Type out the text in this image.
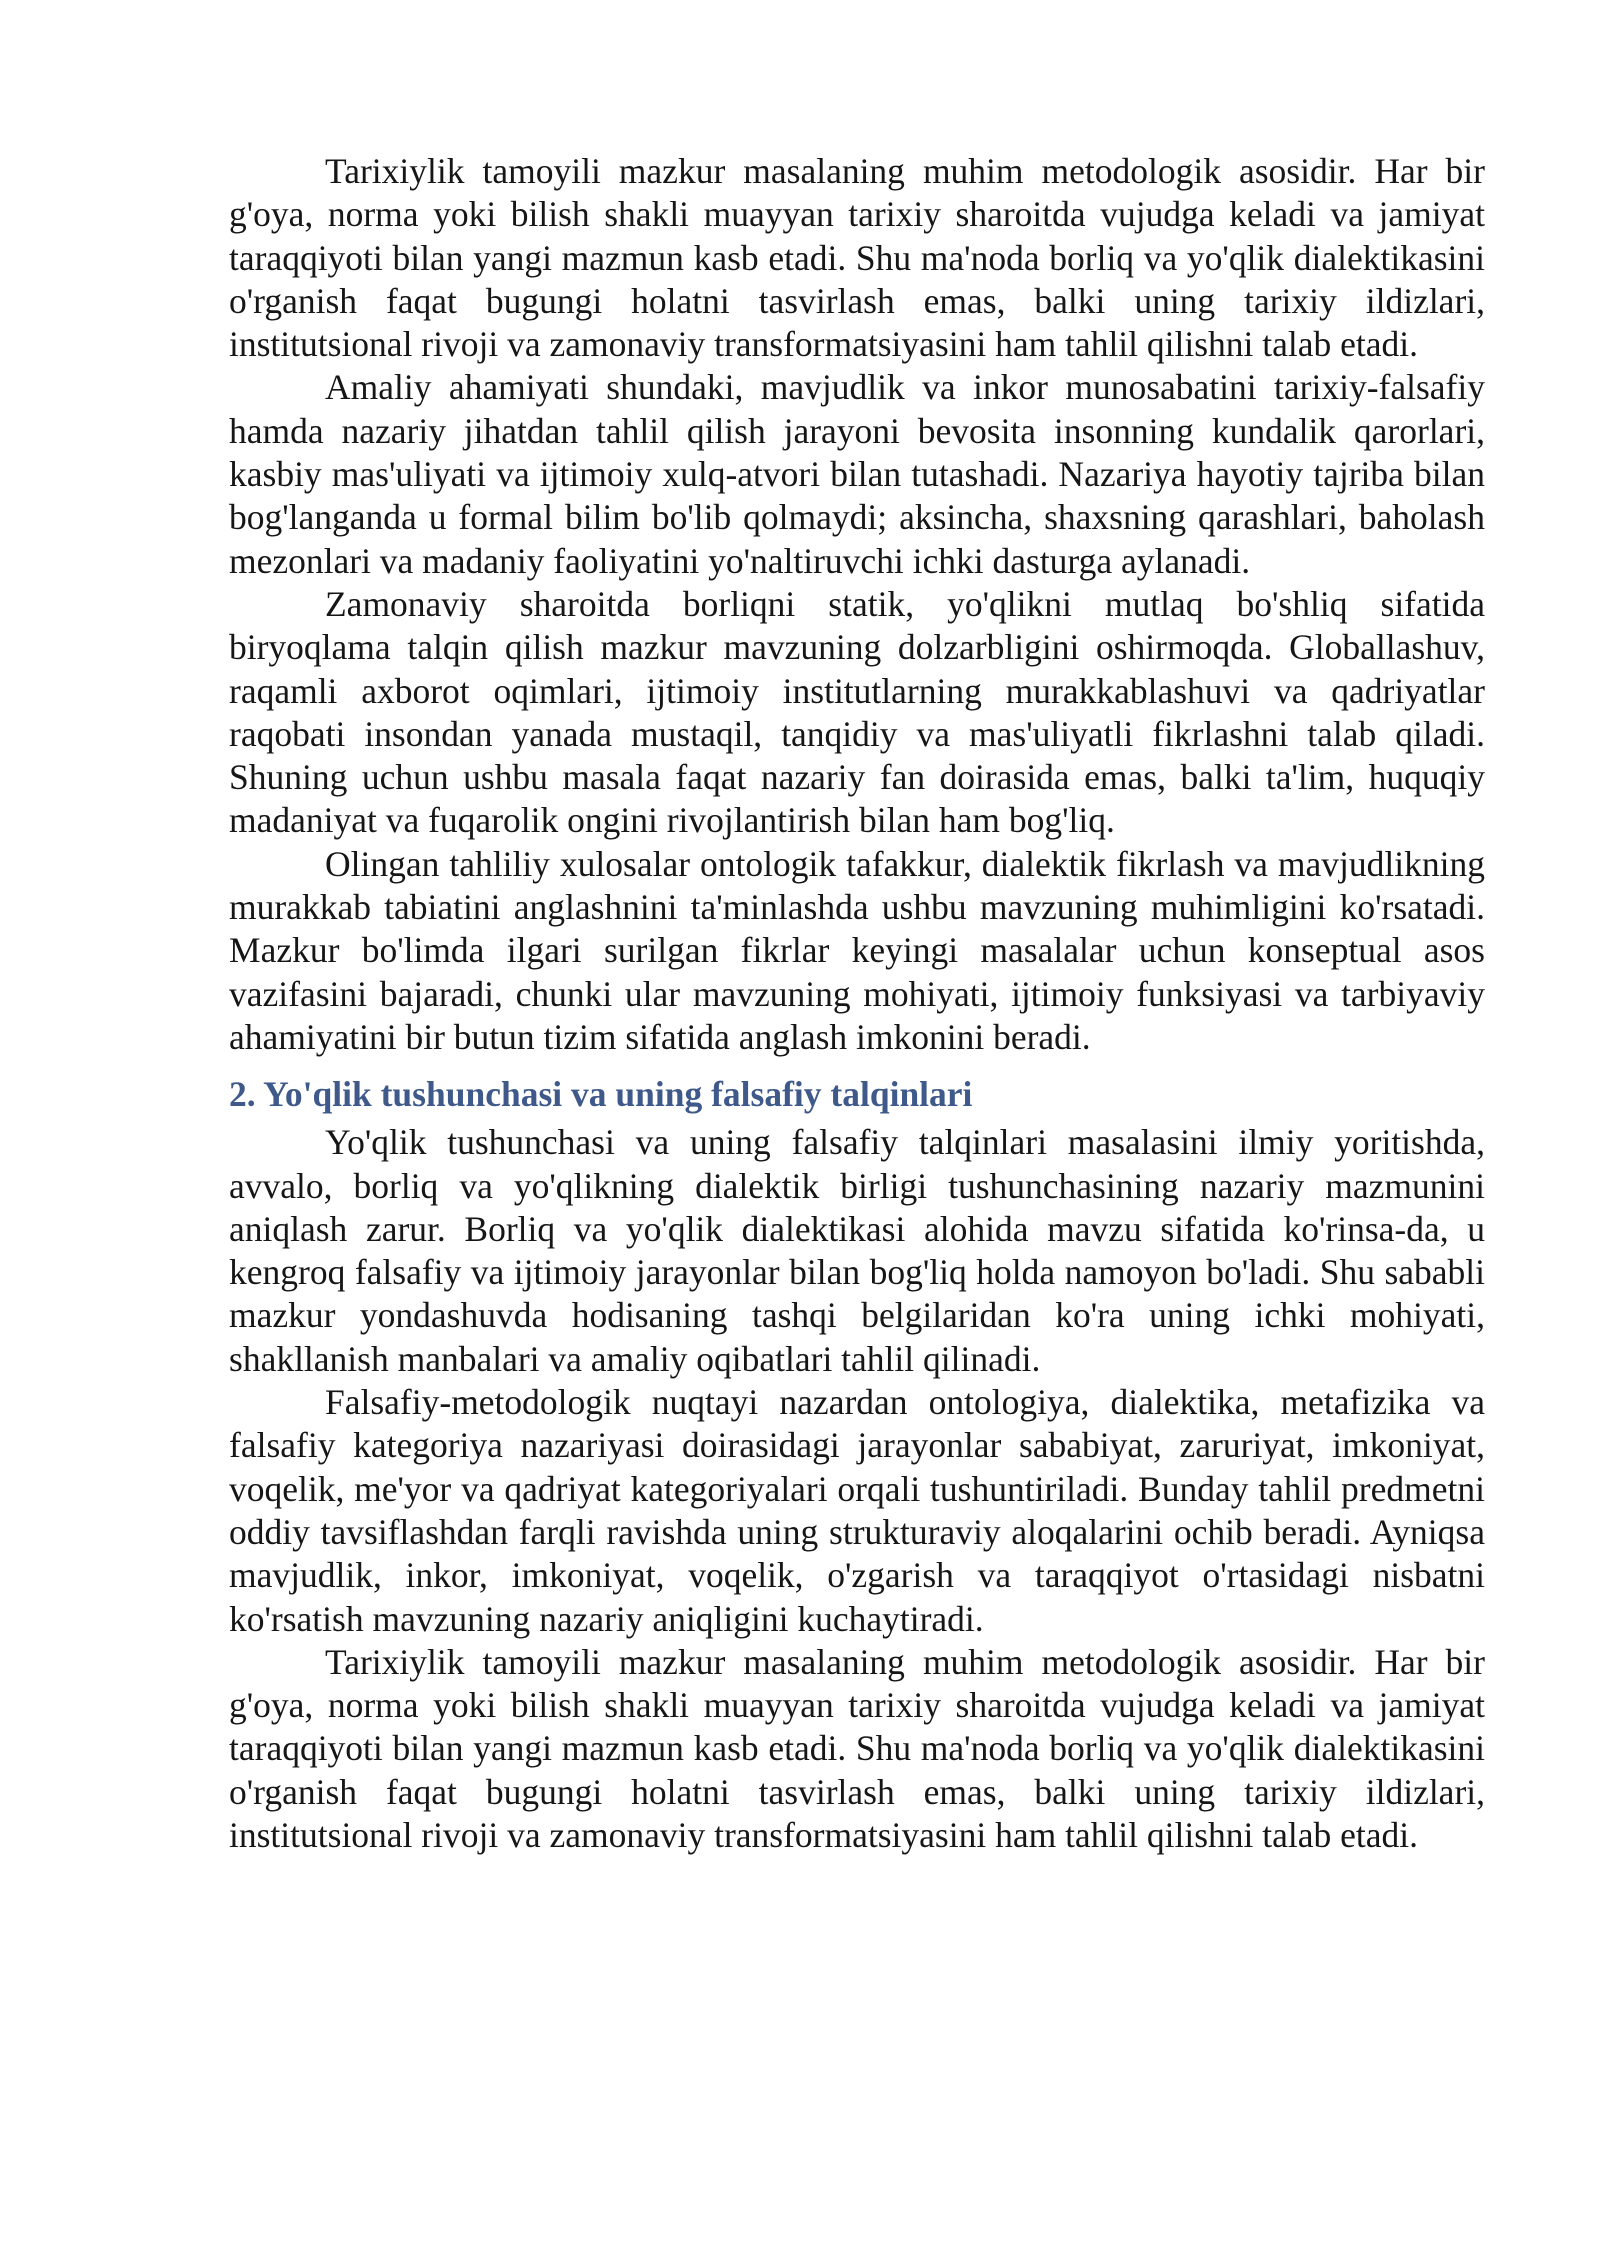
Tarixiylik tamoyili mazkur masalaning muhim metodologik asosidir. Har bir g'oya, norma yoki bilish shakli muayyan tarixiy sharoitda vujudga keladi va jamiyat taraqqiyoti bilan yangi mazmun kasb etadi. Shu ma'noda borliq va yo'qlik dialektikasini o'rganish faqat bugungi holatni tasvirlash emas, balki uning tarixiy ildizlari, institutsional rivoji va zamonaviy transformatsiyasini ham tahlil qilishni talab etadi.

Amaliy ahamiyati shundaki, mavjudlik va inkor munosabatini tarixiy-falsafiy hamda nazariy jihatdan tahlil qilish jarayoni bevosita insonning kundalik qarorlari, kasbiy mas'uliyati va ijtimoiy xulq-atvori bilan tutashadi. Nazariya hayotiy tajriba bilan bog'langanda u formal bilim bo'lib qolmaydi; aksincha, shaxsning qarashlari, baholash mezonlari va madaniy faoliyatini yo'naltiruvchi ichki dasturga aylanadi.

Zamonaviy sharoitda borliqni statik, yo'qlikni mutlaq bo'shliq sifatida biryoqlama talqin qilish mazkur mavzuning dolzarbligini oshirmoqda. Globallashuv, raqamli axborot oqimlari, ijtimoiy institutlarning murakkablashuvi va qadriyatlar raqobati insondan yanada mustaqil, tanqidiy va mas'uliyatli fikrlashni talab qiladi. Shuning uchun ushbu masala faqat nazariy fan doirasida emas, balki ta'lim, huquqiy madaniyat va fuqarolik ongini rivojlantirish bilan ham bog'liq.

Olingan tahliliy xulosalar ontologik tafakkur, dialektik fikrlash va mavjudlikning murakkab tabiatini anglashnini ta'minlashda ushbu mavzuning muhimligini ko'rsatadi. Mazkur bo'limda ilgari surilgan fikrlar keyingi masalalar uchun konseptual asos vazifasini bajaradi, chunki ular mavzuning mohiyati, ijtimoiy funksiyasi va tarbiyaviy ahamiyatini bir butun tizim sifatida anglash imkonini beradi.

2. Yo'qlik tushunchasi va uning falsafiy talqinlari

Yo'qlik tushunchasi va uning falsafiy talqinlari masalasini ilmiy yoritishda, avvalo, borliq va yo'qlikning dialektik birligi tushunchasining nazariy mazmunini aniqlash zarur. Borliq va yo'qlik dialektikasi alohida mavzu sifatida ko'rinsa-da, u kengroq falsafiy va ijtimoiy jarayonlar bilan bog'liq holda namoyon bo'ladi. Shu sababli mazkur yondashuvda hodisaning tashqi belgilaridan ko'ra uning ichki mohiyati, shakllanish manbalari va amaliy oqibatlari tahlil qilinadi.

Falsafiy-metodologik nuqtayi nazardan ontologiya, dialektika, metafizika va falsafiy kategoriya nazariyasi doirasidagi jarayonlar sababiyat, zaruriyat, imkoniyat, voqelik, me'yor va qadriyat kategoriyalari orqali tushuntiriladi. Bunday tahlil predmetni oddiy tavsiflashdan farqli ravishda uning strukturaviy aloqalarini ochib beradi. Ayniqsa mavjudlik, inkor, imkoniyat, voqelik, o'zgarish va taraqqiyot o'rtasidagi nisbatni ko'rsatish mavzuning nazariy aniqligini kuchaytiradi.

Tarixiylik tamoyili mazkur masalaning muhim metodologik asosidir. Har bir g'oya, norma yoki bilish shakli muayyan tarixiy sharoitda vujudga keladi va jamiyat taraqqiyoti bilan yangi mazmun kasb etadi. Shu ma'noda borliq va yo'qlik dialektikasini o'rganish faqat bugungi holatni tasvirlash emas, balki uning tarixiy ildizlari, institutsional rivoji va zamonaviy transformatsiyasini ham tahlil qilishni talab etadi.
